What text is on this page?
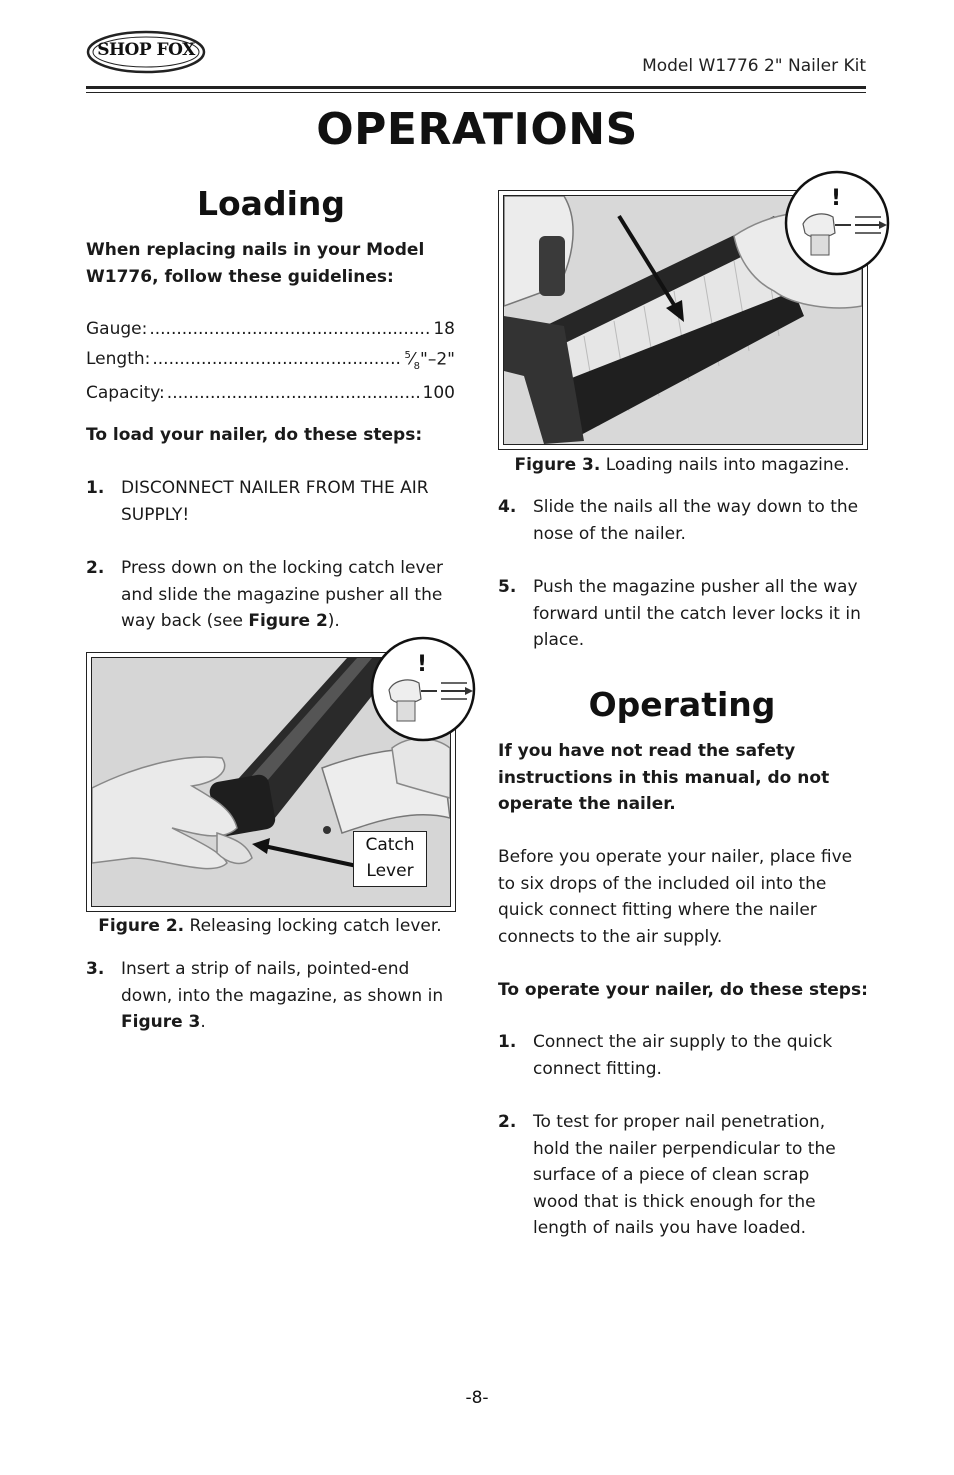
SHOP FOX
Model W1776 2" Nailer Kit
OPERATIONS
Loading
When replacing nails in your Model W1776, follow these guidelines:
Gauge: .....	18
Length: .....	$^5⁄_8"-2$"
Capacity: .....	100
To load your nailer, do these steps:
1. DISCONNECT NAILER FROM THE AIR SUPPLY!
2. Press down on the locking catch lever and slide the magazine pusher all the way back (see Figure 2).
!
Catch
Lever
Figure 2. Releasing locking catch lever.
3. Insert a strip of nails, pointed-end down, into the magazine, as shown in Figure 3.
!
Figure 3. Loading nails into magazine.
4. Slide the nails all the way down to the nose of the nailer.
5. Push the magazine pusher all the way forward until the catch lever locks it in place.
Operating
If you have not read the safety instructions in this manual, do not operate the nailer.
Before you operate your nailer, place five to six drops of the included oil into the quick connect fitting where the nailer connects to the air supply.
To operate your nailer, do these steps:
1. Connect the air supply to the quick connect fitting.
2. To test for proper nail penetration, hold the nailer perpendicular to the surface of a piece of clean scrap wood that is thick enough for the length of nails you have loaded.
-8-
